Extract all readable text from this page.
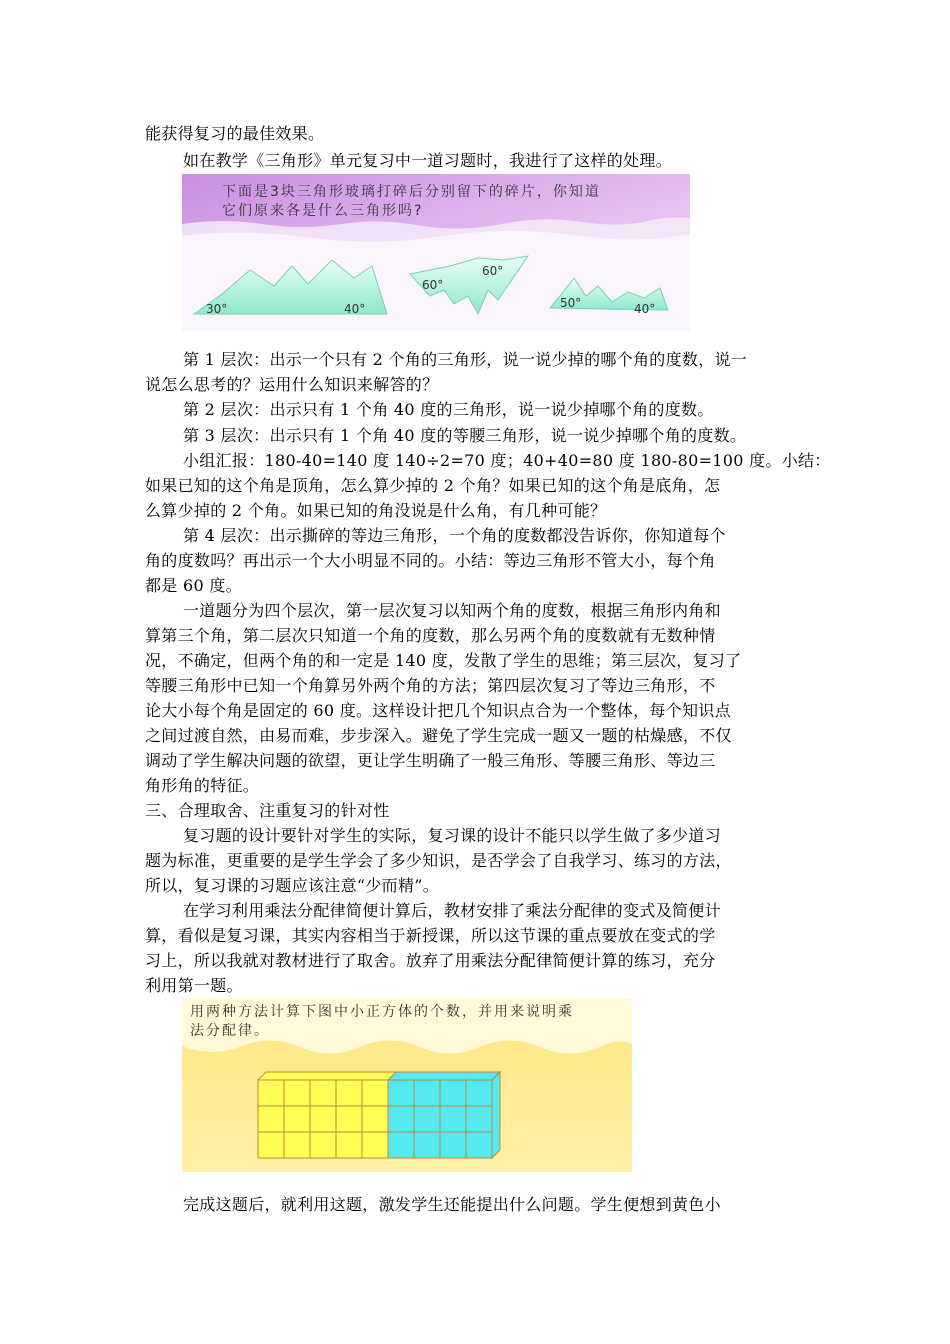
能获得复习的最佳效果。
如在教学《三角形》单元复习中一道习题时，我进行了这样的处理。
下面是3块三角形玻璃打碎后分别留下的碎片，你知道
它们原来各是什么三角形吗?
30°	40°
60°
60°
50°	40°
第 1 层次：出示一个只有 2 个角的三角形，说一说少掉的哪个角的度数，说一
说怎么思考的？运用什么知识来解答的？
第 2 层次：出示只有 1 个角 40 度的三角形，说一说少掉哪个角的度数。
第 3 层次：出示只有 1 个角 40 度的等腰三角形，说一说少掉哪个角的度数。
小组汇报：180-40=140 度 140÷2=70 度；40+40=80 度 180-80=100 度。小结：
如果已知的这个角是顶角，怎么算少掉的 2 个角？如果已知的这个角是底角，怎
么算少掉的 2 个角。如果已知的角没说是什么角，有几种可能？
第 4 层次：出示撕碎的等边三角形，一个角的度数都没告诉你，你知道每个
角的度数吗？再出示一个大小明显不同的。小结：等边三角形不管大小，每个角
都是 60 度。
一道题分为四个层次，第一层次复习以知两个角的度数，根据三角形内角和
算第三个角，第二层次只知道一个角的度数，那么另两个角的度数就有无数种情
况，不确定，但两个角的和一定是 140 度，发散了学生的思维；第三层次，复习了
等腰三角形中已知一个角算另外两个角的方法；第四层次复习了等边三角形，不
论大小每个角是固定的 60 度。这样设计把几个知识点合为一个整体，每个知识点
之间过渡自然，由易而难，步步深入。避免了学生完成一题又一题的枯燥感，不仅
调动了学生解决问题的欲望，更让学生明确了一般三角形、等腰三角形、等边三
角形角的特征。
三、合理取舍、注重复习的针对性
复习题的设计要针对学生的实际，复习课的设计不能只以学生做了多少道习
题为标准，更重要的是学生学会了多少知识，是否学会了自我学习、练习的方法，
所以，复习课的习题应该注意“少而精”。
在学习利用乘法分配律简便计算后，教材安排了乘法分配律的变式及简便计
算，看似是复习课，其实内容相当于新授课，所以这节课的重点要放在变式的学
习上，所以我就对教材进行了取舍。放弃了用乘法分配律简便计算的练习，充分
利用第一题。
用两种方法计算下图中小正方体的个数，并用来说明乘
法分配律。
完成这题后，就利用这题，激发学生还能提出什么问题。学生便想到黄色小
